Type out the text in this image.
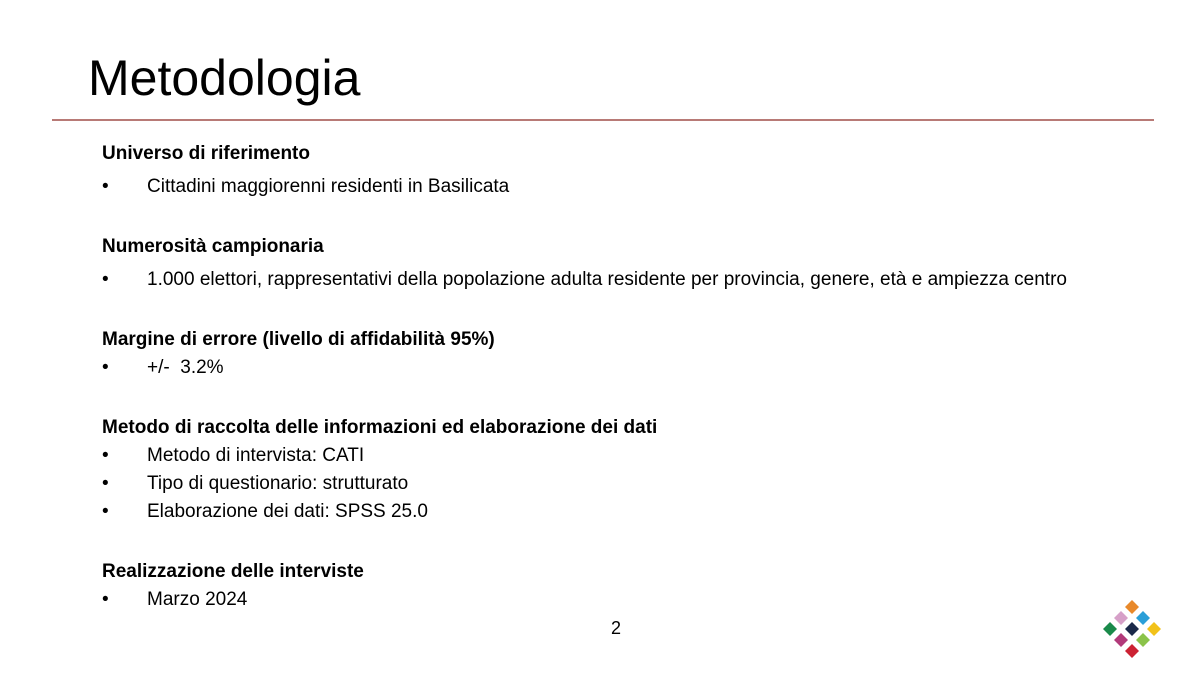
Metodologia

Universo di riferimento

•	Cittadini maggiorenni residenti in Basilicata

Numerosità campionaria

•	1.000 elettori, rappresentativi della popolazione adulta residente per provincia, genere, età e ampiezza centro

Margine di errore (livello di affidabilità 95%)

•	+/-  3.2%

Metodo di raccolta delle informazioni ed elaborazione dei dati

•	Metodo di intervista: CATI
•	Tipo di questionario: strutturato
•	Elaborazione dei dati: SPSS 25.0

Realizzazione delle interviste

•	Marzo 2024
2
